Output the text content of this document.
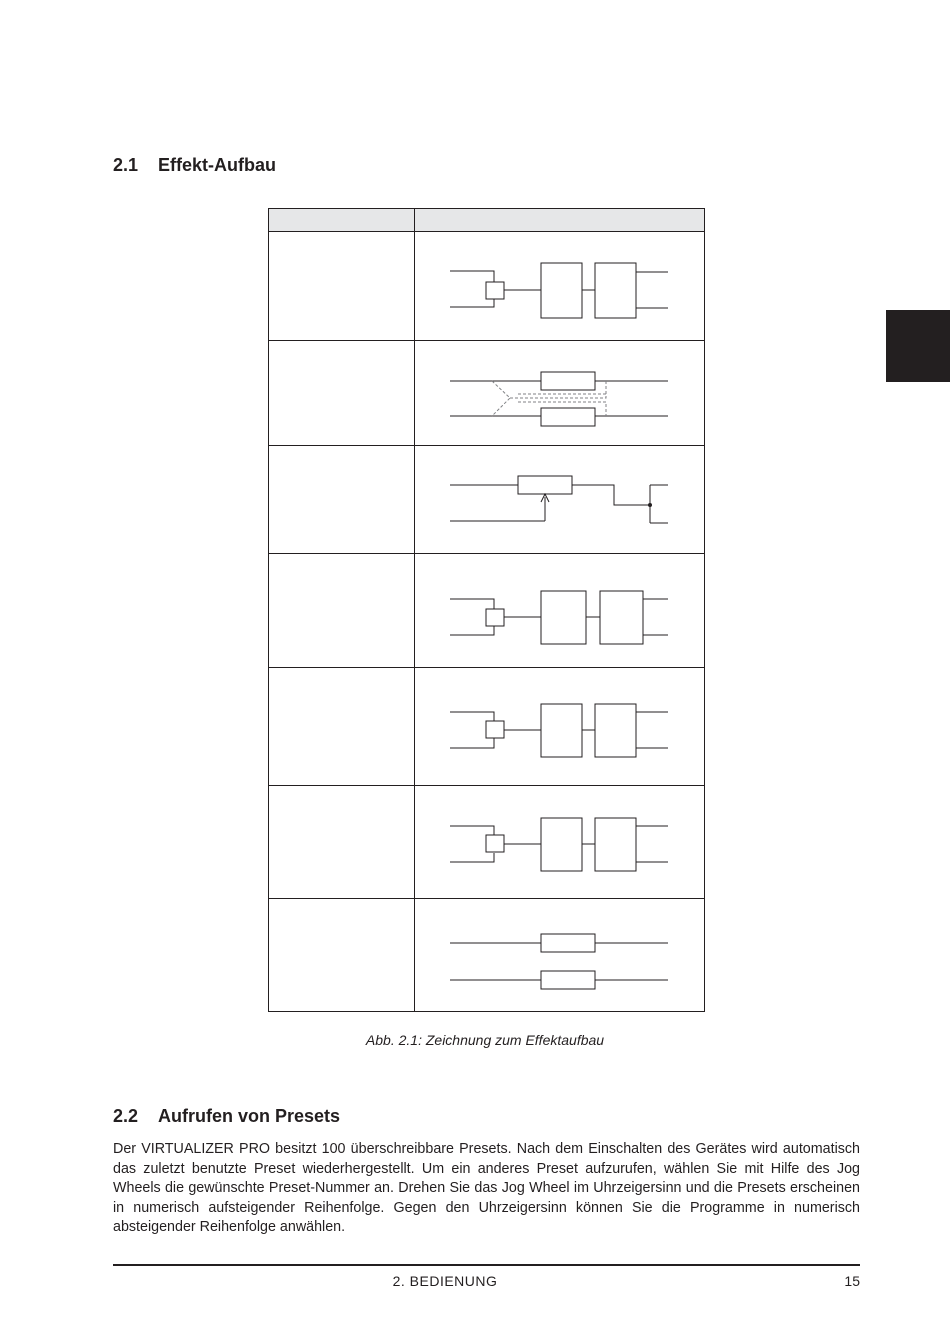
2.1 Effekt-Aufbau

Abb. 2.1: Zeichnung zum Effektaufbau

2.2 Aufrufen von Presets

Der VIRTUALIZER PRO besitzt 100 überschreibbare Presets. Nach dem Einschalten des Gerätes wird automatisch das zuletzt benutzte Preset wiederhergestellt. Um ein anderes Preset aufzurufen, wählen Sie mit Hilfe des Jog Wheels die gewünschte Preset-Nummer an. Drehen Sie das Jog Wheel im Uhrzeigersinn und die Presets erscheinen in numerisch aufsteigender Reihenfolge. Gegen den Uhrzeigersinn können Sie die Programme in numerisch absteigender Reihenfolge anwählen.

2. BEDIENUNG	15
